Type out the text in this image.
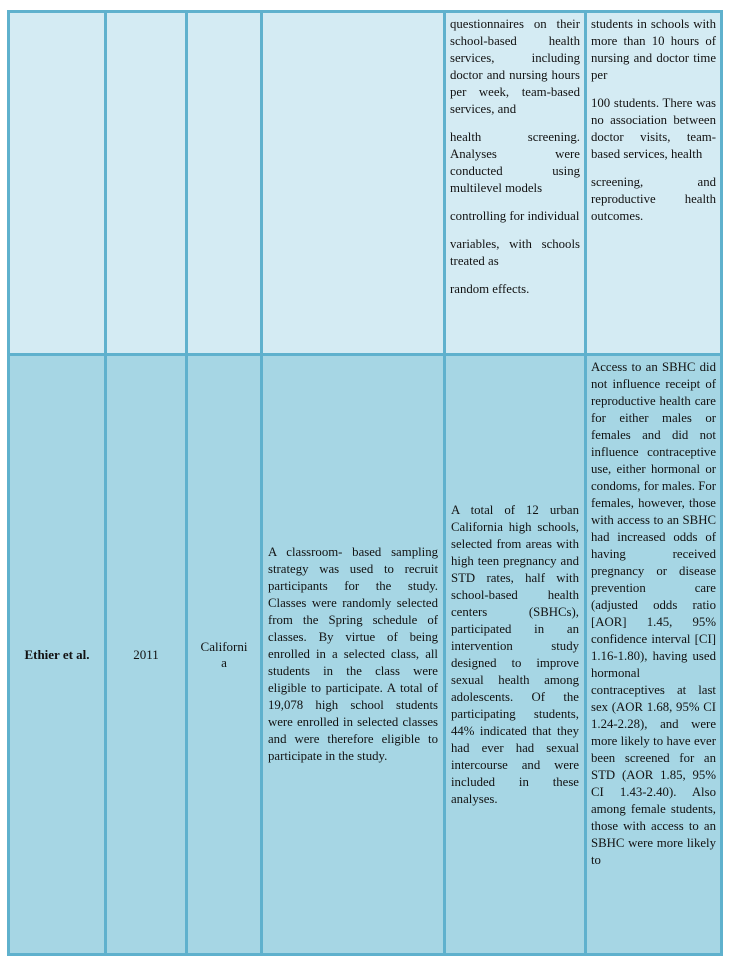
questionnaires on their school-based health services, including doctor and nursing hours per week, team-based services, and

health screening. Analyses were conducted using multilevel models

controlling for individual

variables, with schools treated as

random effects.

students in schools with more than 10 hours of nursing and doctor time per

100 students. There was no association between doctor visits, team-based services, health

screening, and reproductive health outcomes.

Ethier et al.	2011
Californi
a

A classroom- based sampling strategy was used to recruit participants for the study. Classes were randomly selected from the Spring schedule of classes. By virtue of being enrolled in a selected class, all students in the class were eligible to participate. A total of 19,078 high school students were enrolled in selected classes and were therefore eligible to participate in the study.

A total of 12 urban California high schools, selected from areas with high teen pregnancy and STD rates, half with school-based health centers (SBHCs), participated in an intervention study designed to improve sexual health among adolescents. Of the participating students, 44% indicated that they had ever had sexual intercourse and were included in these analyses.

Access to an SBHC did not influence receipt of reproductive health care for either males or females and did not influence contraceptive use, either hormonal or condoms, for males. For females, however, those with access to an SBHC had increased odds of having received pregnancy or disease prevention care (adjusted odds ratio [AOR] 1.45, 95% confidence interval [CI] 1.16-1.80), having used hormonal contraceptives at last sex (AOR 1.68, 95% CI 1.24-2.28), and were more likely to have ever been screened for an STD (AOR 1.85, 95% CI 1.43-2.40). Also among female students, those with access to an SBHC were more likely to
